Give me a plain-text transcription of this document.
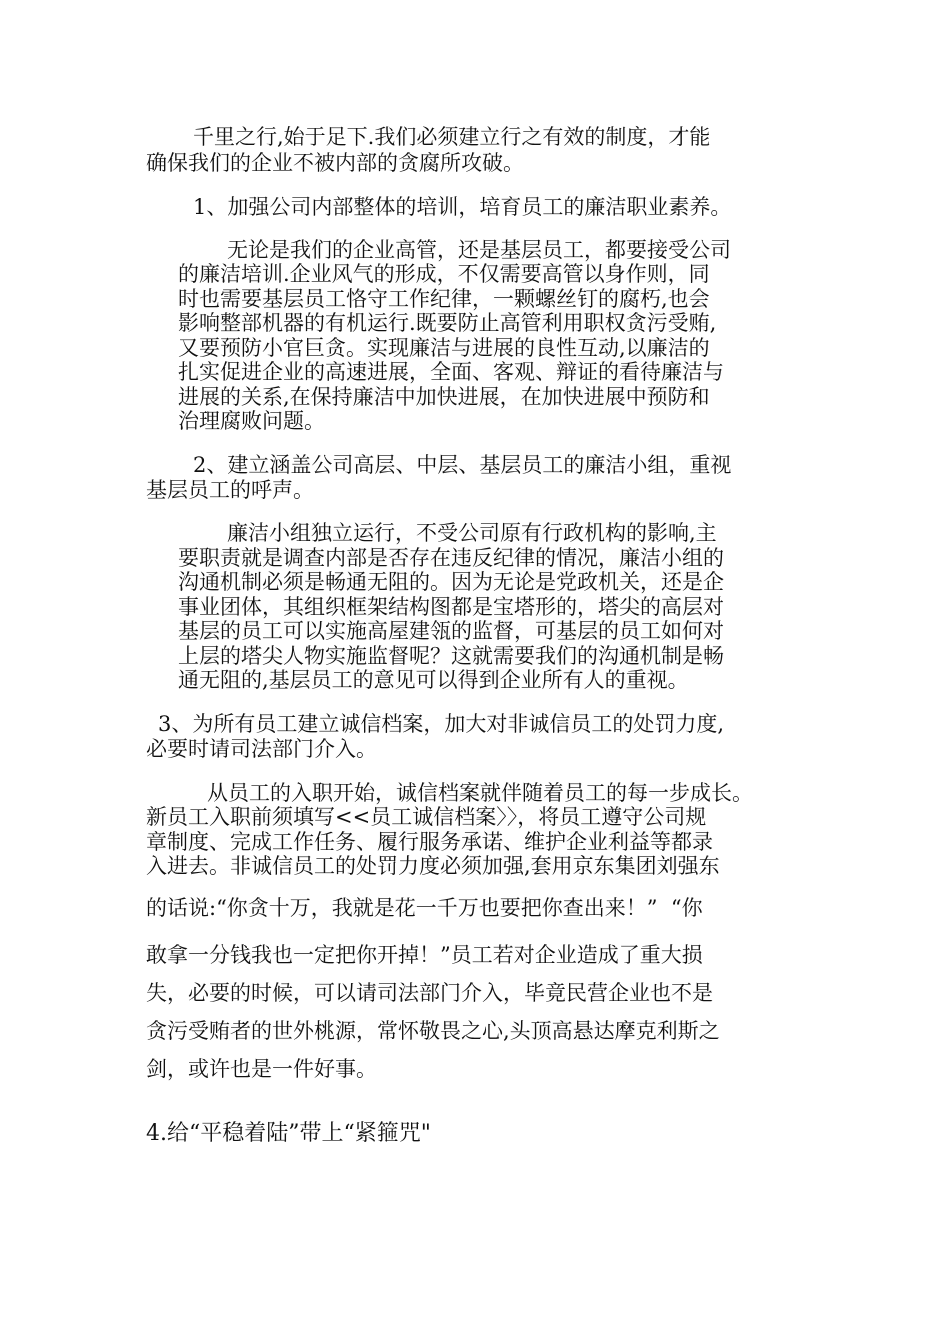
千里之行,始于足下.我们必须建立行之有效的制度，才能
确保我们的企业不被内部的贪腐所攻破。
1、加强公司内部整体的培训，培育员工的廉洁职业素养。
无论是我们的企业高管，还是基层员工，都要接受公司
的廉洁培训.企业风气的形成，不仅需要高管以身作则，同
时也需要基层员工恪守工作纪律，一颗螺丝钉的腐朽,也会
影响整部机器的有机运行.既要防止高管利用职权贪污受贿,
又要预防小官巨贪。实现廉洁与进展的良性互动,以廉洁的
扎实促进企业的高速进展，全面、客观、辩证的看待廉洁与
进展的关系,在保持廉洁中加快进展，在加快进展中预防和
治理腐败问题。
2、建立涵盖公司高层、中层、基层员工的廉洁小组，重视
基层员工的呼声。
廉洁小组独立运行，不受公司原有行政机构的影响,主
要职责就是调查内部是否存在违反纪律的情况，廉洁小组的
沟通机制必须是畅通无阻的。因为无论是党政机关，还是企
事业团体，其组织框架结构图都是宝塔形的，塔尖的高层对
基层的员工可以实施高屋建瓴的监督，可基层的员工如何对
上层的塔尖人物实施监督呢？这就需要我们的沟通机制是畅
通无阻的,基层员工的意见可以得到企业所有人的重视。
3、为所有员工建立诚信档案，加大对非诚信员工的处罚力度,
必要时请司法部门介入。
从员工的入职开始，诚信档案就伴随着员工的每一步成长。
新员工入职前须填写<<员工诚信档案〉〉，将员工遵守公司规
章制度、完成工作任务、履行服务承诺、维护企业利益等都录
入进去。非诚信员工的处罚力度必须加强,套用京东集团刘强东
的话说:“你贪十万，我就是花一千万也要把你查出来！”  “你
敢拿一分钱我也一定把你开掉！”员工若对企业造成了重大损
失，必要的时候，可以请司法部门介入，毕竟民营企业也不是
贪污受贿者的世外桃源，常怀敬畏之心,头顶高悬达摩克利斯之
剑，或许也是一件好事。
4.给“平稳着陆”带上“紧箍咒"
